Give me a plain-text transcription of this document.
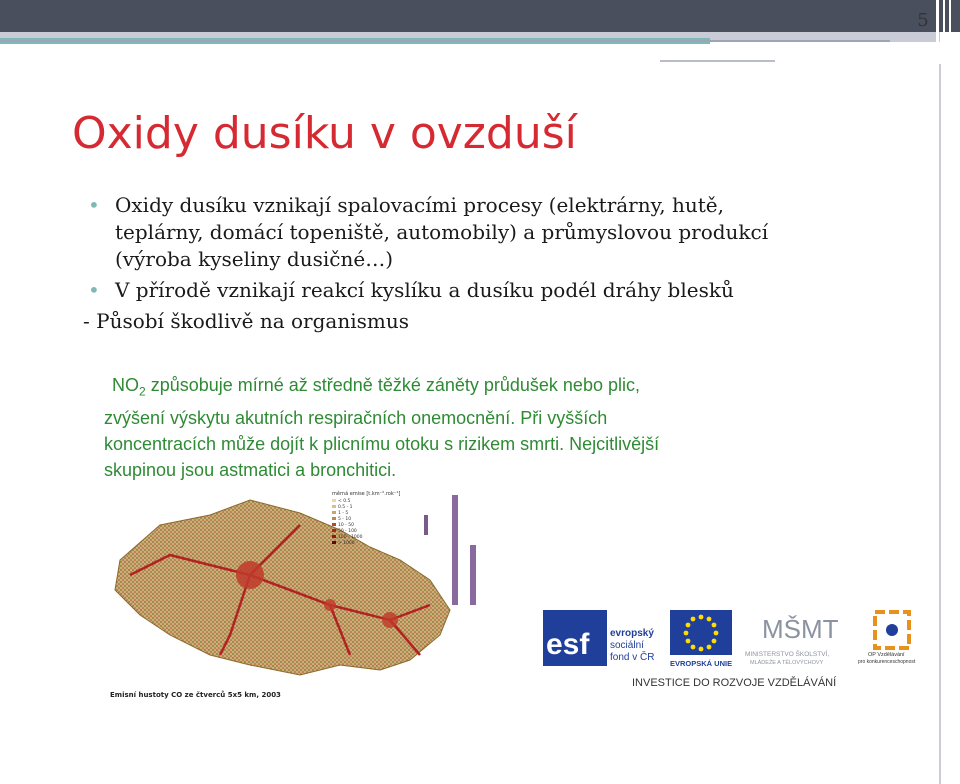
5
Oxidy dusíku v ovzduší
• Oxidy dusíku vznikají spalovacími procesy (elektrárny, hutě,
teplárny, domácí topeniště, automobily) a průmyslovou produkcí
(výroba kyseliny dusičné…)
• V přírodě vznikají reakcí kyslíku a dusíku podél dráhy blesků
- Působí škodlivě na organismus
$NO_2$ způsobuje mírné až středně těžké záněty průdušek nebo plic,
zvýšení výskytu akutních respiračních onemocnění. Při vyšších
koncentracích může dojít k plicnímu otoku s rizikem smrti. Nejcitlivější
skupinou jsou astmatici a bronchitici.
měrná emise [t.km⁻².rok⁻¹]
< 0.5
0.5 - 1
1 - 5
5 - 10
10 - 50
50 - 100
100 - 1000
> 1000
Emisní hustoty CO ze čtverců 5x5 km, 2003
esf evropský
sociální
fond v ČR
EVROPSKÁ UNIE
MŠMT
MINISTERSTVO ŠKOLSTVÍ,
MLÁDEŽE A TĚLOVÝCHOVY
OP Vzdělávání
pro konkurenceschopnost
INVESTICE DO ROZVOJE VZDĚLÁVÁNÍ
